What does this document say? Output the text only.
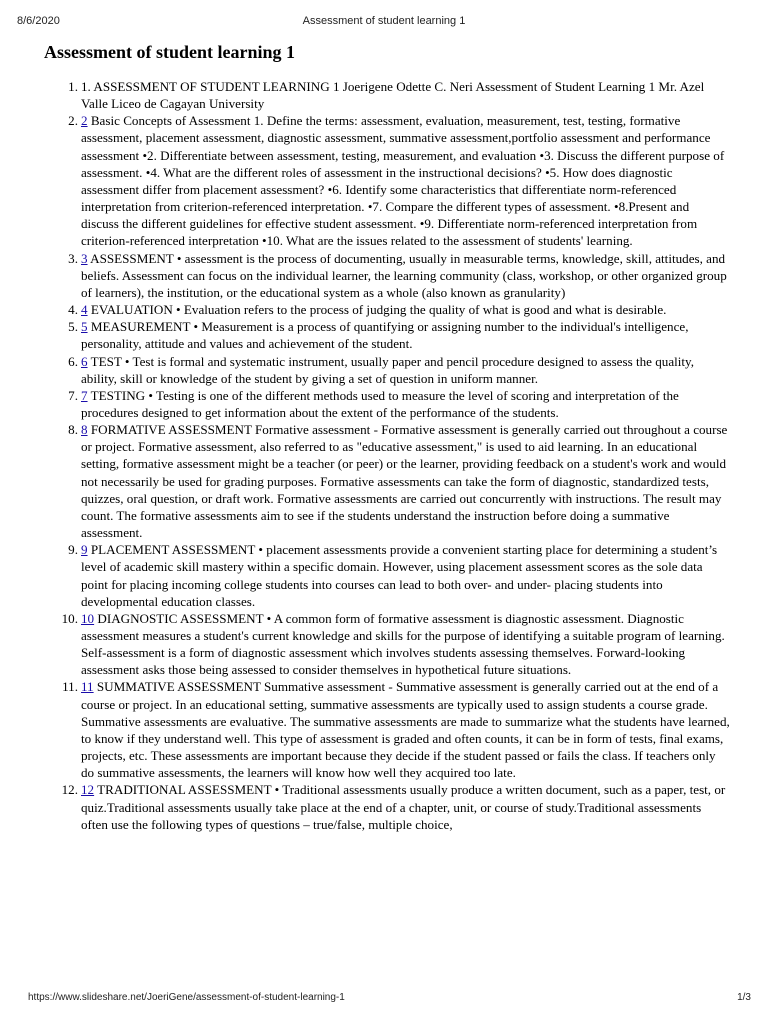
8/6/2020	Assessment of student learning 1
Assessment of student learning 1
1. 1. ASSESSMENT OF STUDENT LEARNING 1 Joerigene Odette C. Neri Assessment of Student Learning 1 Mr. Azel Valle Liceo de Cagayan University
2. 2 Basic Concepts of Assessment 1. Define the terms: assessment, evaluation, measurement, test, testing, formative assessment, placement assessment, diagnostic assessment, summative assessment,portfolio assessment and performance assessment •2. Differentiate between assessment, testing, measurement, and evaluation •3. Discuss the different purpose of assessment. •4. What are the different roles of assessment in the instructional decisions? •5. How does diagnostic assessment differ from placement assessment? •6. Identify some characteristics that differentiate norm-referenced interpretation from criterion-referenced interpretation. •7. Compare the different types of assessment. •8.Present and discuss the different guidelines for effective student assessment. •9. Differentiate norm-referenced interpretation from criterion-referenced interpretation •10. What are the issues related to the assessment of students' learning.
3. 3 ASSESSMENT • assessment is the process of documenting, usually in measurable terms, knowledge, skill, attitudes, and beliefs. Assessment can focus on the individual learner, the learning community (class, workshop, or other organized group of learners), the institution, or the educational system as a whole (also known as granularity)
4. 4 EVALUATION • Evaluation refers to the process of judging the quality of what is good and what is desirable.
5. 5 MEASUREMENT • Measurement is a process of quantifying or assigning number to the individual's intelligence, personality, attitude and values and achievement of the student.
6. 6 TEST • Test is formal and systematic instrument, usually paper and pencil procedure designed to assess the quality, ability, skill or knowledge of the student by giving a set of question in uniform manner.
7. 7 TESTING • Testing is one of the different methods used to measure the level of scoring and interpretation of the procedures designed to get information about the extent of the performance of the students.
8. 8 FORMATIVE ASSESSMENT Formative assessment - Formative assessment is generally carried out throughout a course or project. Formative assessment, also referred to as "educative assessment," is used to aid learning. In an educational setting, formative assessment might be a teacher (or peer) or the learner, providing feedback on a student's work and would not necessarily be used for grading purposes. Formative assessments can take the form of diagnostic, standardized tests, quizzes, oral question, or draft work. Formative assessments are carried out concurrently with instructions. The result may count. The formative assessments aim to see if the students understand the instruction before doing a summative assessment.
9. 9 PLACEMENT ASSESSMENT • placement assessments provide a convenient starting place for determining a student’s level of academic skill mastery within a specific domain. However, using placement assessment scores as the sole data point for placing incoming college students into courses can lead to both over- and under- placing students into developmental education classes.
10. 10 DIAGNOSTIC ASSESSMENT • A common form of formative assessment is diagnostic assessment. Diagnostic assessment measures a student's current knowledge and skills for the purpose of identifying a suitable program of learning. Self-assessment is a form of diagnostic assessment which involves students assessing themselves. Forward-looking assessment asks those being assessed to consider themselves in hypothetical future situations.
11. 11 SUMMATIVE ASSESSMENT Summative assessment - Summative assessment is generally carried out at the end of a course or project. In an educational setting, summative assessments are typically used to assign students a course grade. Summative assessments are evaluative. The summative assessments are made to summarize what the students have learned, to know if they understand well. This type of assessment is graded and often counts, it can be in form of tests, final exams, projects, etc. These assessments are important because they decide if the student passed or fails the class. If teachers only do summative assessments, the learners will know how well they acquired too late.
12. 12 TRADITIONAL ASSESSMENT • Traditional assessments usually produce a written document, such as a paper, test, or quiz.Traditional assessments usually take place at the end of a chapter, unit, or course of study.Traditional assessments often use the following types of questions – true/false, multiple choice,
https://www.slideshare.net/JoeriGene/assessment-of-student-learning-1	1/3
